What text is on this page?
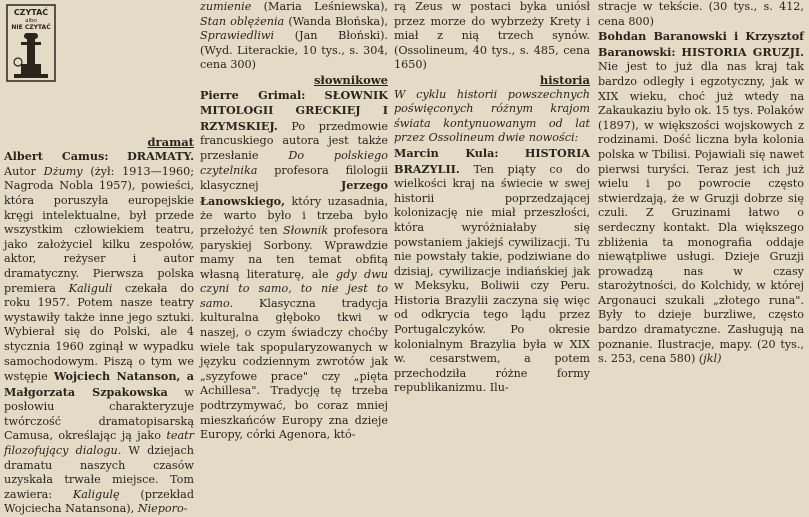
CZYTAĆ
albo
NIE CZYTAĆ

dramat

Albert Camus: DRAMATY. Autor Dżumy (żył: 1913—1960; Nagroda Nobla 1957), powieści, która poruszyła europejskie kręgi intelektualne, był przede wszystkim człowiekiem teatru, jako założyciel kilku zespołów, aktor, reżyser i autor dramatyczny. Pierwsza polska premiera Kaliguli czekała do roku 1957. Potem nasze teatry wystawiły także inne jego sztuki. Wybierał się do Polski, ale 4 stycznia 1960 zginął w wypadku samochodowym. Piszą o tym we wstępie Wojciech Natanson, a Małgorzata Szpakowska w posłowiu charakteryzuje twórczość dramatopisarską Camusa, określając ją jako teatr filozofujący dialogu. W dziejach dramatu naszych czasów uzyskała trwałe miejsce. Tom zawiera: Kaligulę (przekład Wojciecha Natansona), Nieporo-

zumienie (Maria Leśniewska), Stan oblężenia (Wanda Błońska), Sprawiedliwi (Jan Błoński). (Wyd. Literackie, 10 tys., s. 304, cena 300)

słownikowe

Pierre Grimal: SŁOWNIK MITOLOGII GRECKIEJ I RZYMSKIEJ. Po przedmowie francuskiego autora jest także przesłanie	Do polskiego czytelnika profesora filologii klasycznej	Jerzego Łanowskiego, który uzasadnia, że warto było i trzeba było przełożyć ten Słownik profesora paryskiej Sorbony. Wprawdzie mamy na ten temat obfitą własną literaturę, ale gdy dwu czyni to samo, to nie jest to samo. Klasyczna tradycja kulturalna głęboko tkwi w naszej, o czym świadczy choćby wiele tak spopularyzowanych w języku codziennym zwrotów jak „syzyfowe prace" czy „pięta Achillesa". Tradycję tę trzeba podtrzymywać, bo coraz mniej mieszkańców Europy zna dzieje Europy, córki Agenora, któ-

rą Zeus w postaci byka uniósł przez morze do wybrzeży Krety i miał z nią trzech synów. (Ossolineum, 40 tys., s. 485, cena 1650)

historia

W cyklu historii powszechnych poświęconych różnym krajom świata kontynuowanym od lat przez Ossolineum dwie nowości:

Marcin Kula: HISTORIA BRAZYLII. Ten piąty co do wielkości kraj na świecie w swej historii poprzedzającej kolonizację nie miał przeszłości, która wyróżniałaby się powstaniem jakiejś cywilizacji. Tu nie powstały takie, podziwiane do dzisiaj, cywilizacje indiańskiej jak w Meksyku, Boliwii czy Peru. Historia Brazylii zaczyna się więc od odkrycia tego lądu przez Portugalczyków. Po okresie kolonialnym Brazylia była w XIX w. cesarstwem, a potem przechodziła różne formy republikanizmu. Ilu-

stracje w tekście. (30 tys., s. 412, cena 800)

Bohdan Baranowski i Krzysztof Baranowski: HISTORIA GRUZJI. Nie jest to już dla nas kraj tak bardzo odległy i egzotyczny, jak w XIX wieku, choć już wtedy na Zakaukaziu było ok. 15 tys. Polaków (1897), w większości wojskowych z rodzinami. Dość liczna była kolonia polska w Tbilisi. Pojawiali się nawet pierwsi turyści. Teraz jest ich już wielu i po powrocie często stwierdzają, że w Gruzji dobrze się czuli. Z Gruzinami łatwo o serdeczny kontakt. Dla większego zbliżenia ta monografia oddaje niewątpliwe usługi. Dzieje Gruzji prowadzą nas w czasy starożytności, do Kolchidy, w której Argonauci szukali „złotego runa". Były to dzieje burzliwe, często bardzo dramatyczne. Zasługują na poznanie. Ilustracje, mapy. (20 tys., s. 253, cena 580) (jkl)
